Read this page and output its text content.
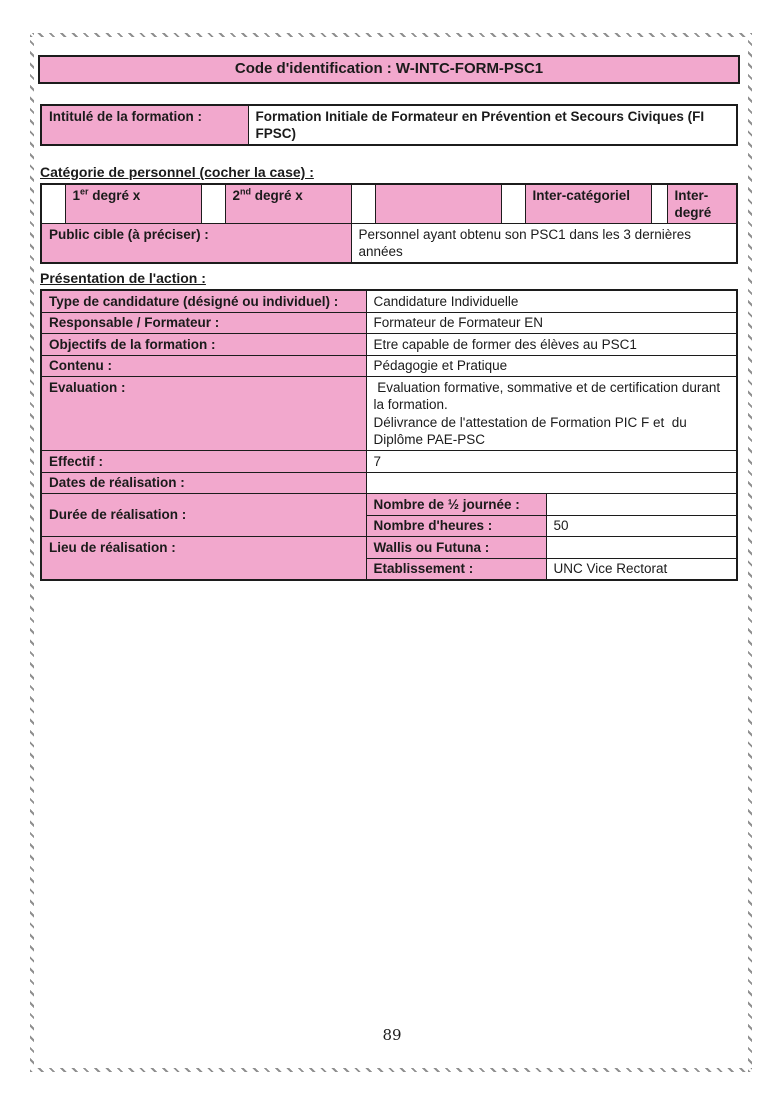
Code d'identification : W-INTC-FORM-PSC1
Intitulé de la formation :	Formation Initiale de Formateur en Prévention et Secours Civiques (FI FPSC)
Catégorie de personnel (cocher la case) :
	1er degré x		2nd degré x				Inter-catégoriel		Inter-degré
Public cible (à préciser) :				Personnel ayant obtenu son PSC1 dans les 3 dernières années					
Présentation de l'action :
Type de candidature (désigné ou individuel) :	Candidature Individuelle	
Responsable / Formateur :	Formateur de Formateur EN	
Objectifs de la formation :	Etre capable de former des élèves au PSC1	
Contenu :	Pédagogie et Pratique	
Evaluation :	Evaluation formative, sommative et de certification durant la formation.
Délivrance de l'attestation de Formation PIC F et  du Diplôme PAE-PSC	

Effectif :	7	
Dates de réalisation :		
Durée de réalisation :	Nombre de ½ journée :	
	Nombre d'heures :	50
Lieu de réalisation :	Wallis ou Futuna :	
	Etablissement :	UNC Vice Rectorat
89
